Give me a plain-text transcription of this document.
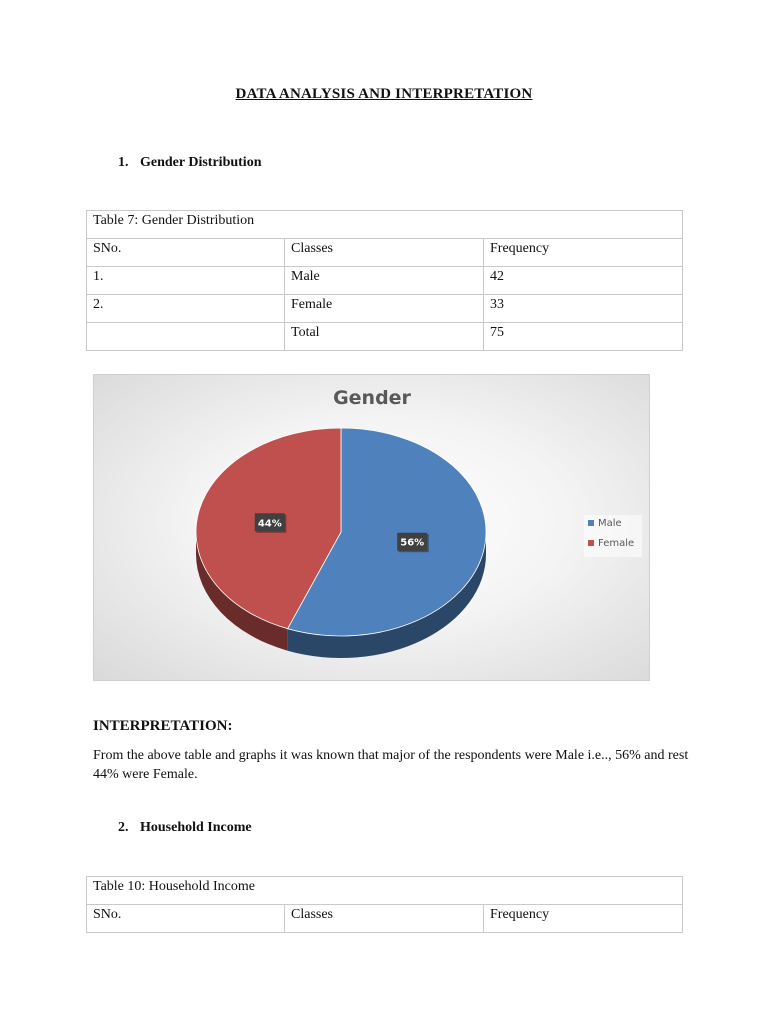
DATA ANALYSIS AND INTERPRETATION
1. Gender Distribution
Table 7: Gender Distribution		
SNo.	Classes	Frequency
1.	Male	42
2.	Female	33
	Total	75
Gender
56%
44%	Male
Female
INTERPRETATION:
From the above table and graphs it was known that major of the respondents were Male i.e.., 56% and rest 44% were Female.
2. Household Income
Table 10: Household Income
SNo.	Classes	Frequency
